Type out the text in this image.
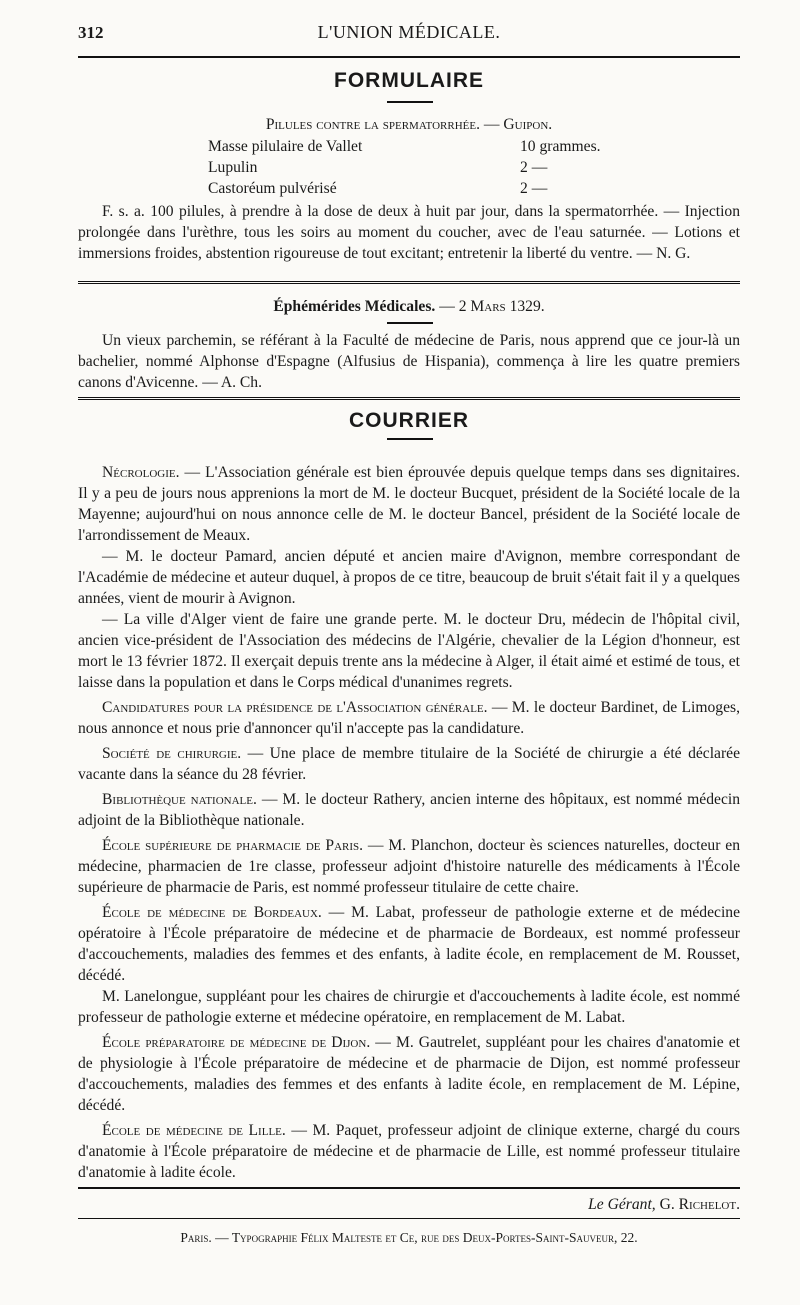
312	L'UNION MÉDICALE.
FORMULAIRE
Pilules contre la spermatorrhée. — Guipon.
Masse pilulaire de Vallet	10 grammes.
Lupulin	2 —
Castoréum pulvérisé	2 —

F. s. a. 100 pilules, à prendre à la dose de deux à huit par jour, dans la spermatorrhée. — Injection prolongée dans l'urèthre, tous les soirs au moment du coucher, avec de l'eau saturnée. — Lotions et immersions froides, abstention rigoureuse de tout excitant; entretenir la liberté du ventre. — N. G.

Éphémérides Médicales. — 2 Mars 1329.

Un vieux parchemin, se référant à la Faculté de médecine de Paris, nous apprend que ce jour-là un bachelier, nommé Alphonse d'Espagne (Alfusius de Hispania), commença à lire les quatre premiers canons d'Avicenne. — A. Ch.

COURRIER

Nécrologie. — L'Association générale est bien éprouvée depuis quelque temps dans ses dignitaires. Il y a peu de jours nous apprenions la mort de M. le docteur Bucquet, président de la Société locale de la Mayenne; aujourd'hui on nous annonce celle de M. le docteur Bancel, président de la Société locale de l'arrondissement de Meaux.

— M. le docteur Pamard, ancien député et ancien maire d'Avignon, membre correspondant de l'Académie de médecine et auteur duquel, à propos de ce titre, beaucoup de bruit s'était fait il y a quelques années, vient de mourir à Avignon.

— La ville d'Alger vient de faire une grande perte. M. le docteur Dru, médecin de l'hôpital civil, ancien vice-président de l'Association des médecins de l'Algérie, chevalier de la Légion d'honneur, est mort le 13 février 1872. Il exerçait depuis trente ans la médecine à Alger, il était aimé et estimé de tous, et laisse dans la population et dans le Corps médical d'unanimes regrets.

Candidatures pour la présidence de l'Association générale. — M. le docteur Bardinet, de Limoges, nous annonce et nous prie d'annoncer qu'il n'accepte pas la candidature.

Société de chirurgie. — Une place de membre titulaire de la Société de chirurgie a été déclarée vacante dans la séance du 28 février.

Bibliothèque nationale. — M. le docteur Rathery, ancien interne des hôpitaux, est nommé médecin adjoint de la Bibliothèque nationale.

École supérieure de pharmacie de Paris. — M. Planchon, docteur ès sciences naturelles, docteur en médecine, pharmacien de 1re classe, professeur adjoint d'histoire naturelle des médicaments à l'École supérieure de pharmacie de Paris, est nommé professeur titulaire de cette chaire.

École de médecine de Bordeaux. — M. Labat, professeur de pathologie externe et de médecine opératoire à l'École préparatoire de médecine et de pharmacie de Bordeaux, est nommé professeur d'accouchements, maladies des femmes et des enfants, à ladite école, en remplacement de M. Rousset, décédé.

M. Lanelongue, suppléant pour les chaires de chirurgie et d'accouchements à ladite école, est nommé professeur de pathologie externe et médecine opératoire, en remplacement de M. Labat.

École préparatoire de médecine de Dijon. — M. Gautrelet, suppléant pour les chaires d'anatomie et de physiologie à l'École préparatoire de médecine et de pharmacie de Dijon, est nommé professeur d'accouchements, maladies des femmes et des enfants à ladite école, en remplacement de M. Lépine, décédé.

École de médecine de Lille. — M. Paquet, professeur adjoint de clinique externe, chargé du cours d'anatomie à l'École préparatoire de médecine et de pharmacie de Lille, est nommé professeur titulaire d'anatomie à ladite école.

Le Gérant, G. Richelot.
Paris. — Typographie Félix Malteste et Ce, rue des Deux-Portes-Saint-Sauveur, 22.
